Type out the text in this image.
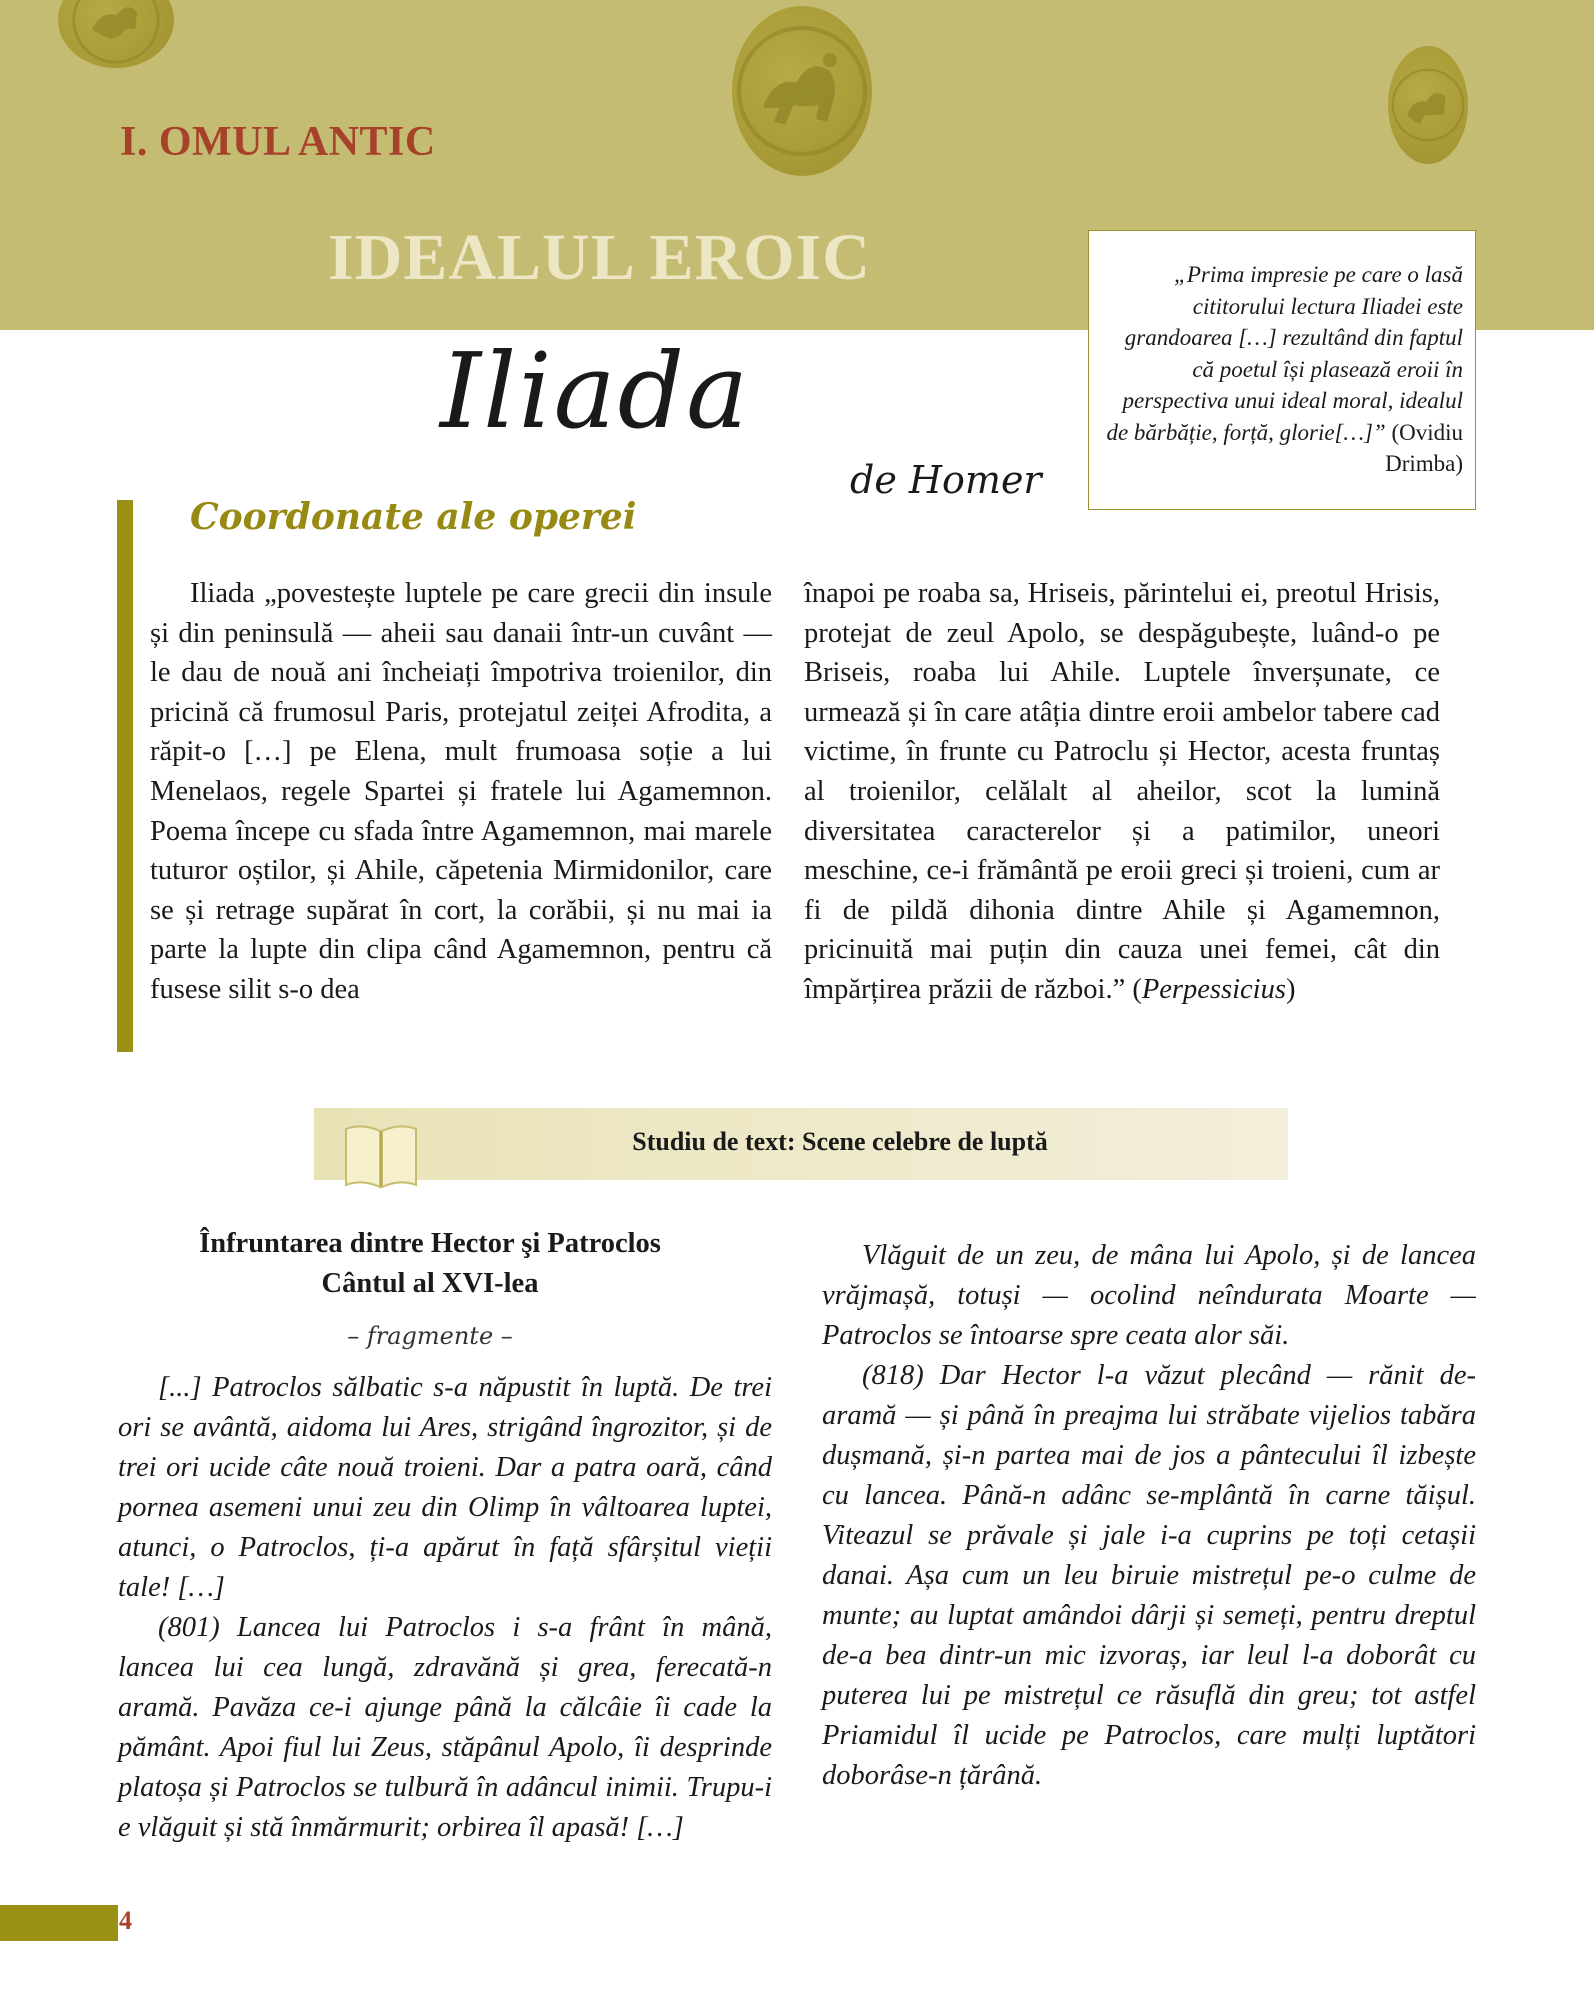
I. OMUL ANTIC
IDEALUL EROIC	„Prima impresie pe care o lasă cititorului lectura Iliadei este grandoarea […] rezultând din faptul că poetul își plasează eroii în perspectiva unui ideal moral, idealul de bărbăție, forță, glorie[…]” (Ovidiu Drimba)
Iliada
de Homer
Coordonate ale operei

Iliada „povestește luptele pe care grecii din insule și din peninsulă — aheii sau danaii într-un cuvânt — le dau de nouă ani încheiați împotriva troienilor, din pricină că frumosul Paris, protejatul zeiței Afrodita, a răpit-o […] pe Elena, mult frumoasa soție a lui Menelaos, regele Spartei și fratele lui Agamemnon. Poema începe cu sfada între Agamemnon, mai marele tuturor oștilor, și Ahile, căpetenia Mirmidonilor, care se și retrage supărat în cort, la corăbii, și nu mai ia parte la lupte din clipa când Agamemnon, pentru că fusese silit s-o dea

înapoi pe roaba sa, Hriseis, părintelui ei, preotul Hrisis, protejat de zeul Apolo, se despăgubește, luând-o pe Briseis, roaba lui Ahile. Luptele înverșunate, ce urmează și în care atâția dintre eroii ambelor tabere cad victime, în frunte cu Patroclu și Hector, acesta fruntaș al troienilor, celălalt al aheilor, scot la lumină diversitatea caracterelor și a patimilor, uneori meschine, ce-i frământă pe eroii greci și troieni, cum ar fi de pildă dihonia dintre Ahile și Agamemnon, pricinuită mai puțin din cauza unei femei, cât din împărțirea prăzii de război.” (Perpessicius)

Studiu de text: Scene celebre de luptă
Înfruntarea dintre Hector şi Patroclos
Cântul al XVI-lea
– fragmente –

[...] Patroclos sălbatic s-a năpustit în luptă. De trei ori se avântă, aidoma lui Ares, strigând îngrozitor, și de trei ori ucide câte nouă troieni. Dar a patra oară, când pornea asemeni unui zeu din Olimp în vâltoarea luptei, atunci, o Patroclos, ți-a apărut în față sfârșitul vieții tale! […]

(801) Lancea lui Patroclos i s-a frânt în mână, lancea lui cea lungă, zdravănă și grea, ferecată-n aramă. Pavăza ce-i ajunge până la călcâie îi cade la pământ. Apoi fiul lui Zeus, stăpânul Apolo, îi desprinde platoșa și Patroclos se tulbură în adâncul inimii. Trupu-i e vlăguit și stă înmărmurit; orbirea îl apasă! […]

Vlăguit de un zeu, de mâna lui Apolo, și de lancea vrăjmașă, totuși — ocolind neîndurata Moarte — Patroclos se întoarse spre ceata alor săi.

(818) Dar Hector l-a văzut plecând — rănit de-aramă — și până în preajma lui străbate vijelios tabăra dușmană, și-n partea mai de jos a pântecului îl izbește cu lancea. Până-n adânc se-mplântă în carne tăișul. Viteazul se prăvale și jale i-a cuprins pe toți cetașii danai. Așa cum un leu biruie mistrețul pe-o culme de munte; au luptat amândoi dârji și semeți, pentru dreptul de-a bea dintr-un mic izvoraș, iar leul l-a doborât cu puterea lui pe mistrețul ce răsuflă din greu; tot astfel Priamidul îl ucide pe Patroclos, care mulți luptători doborâse-n țărână.

4
